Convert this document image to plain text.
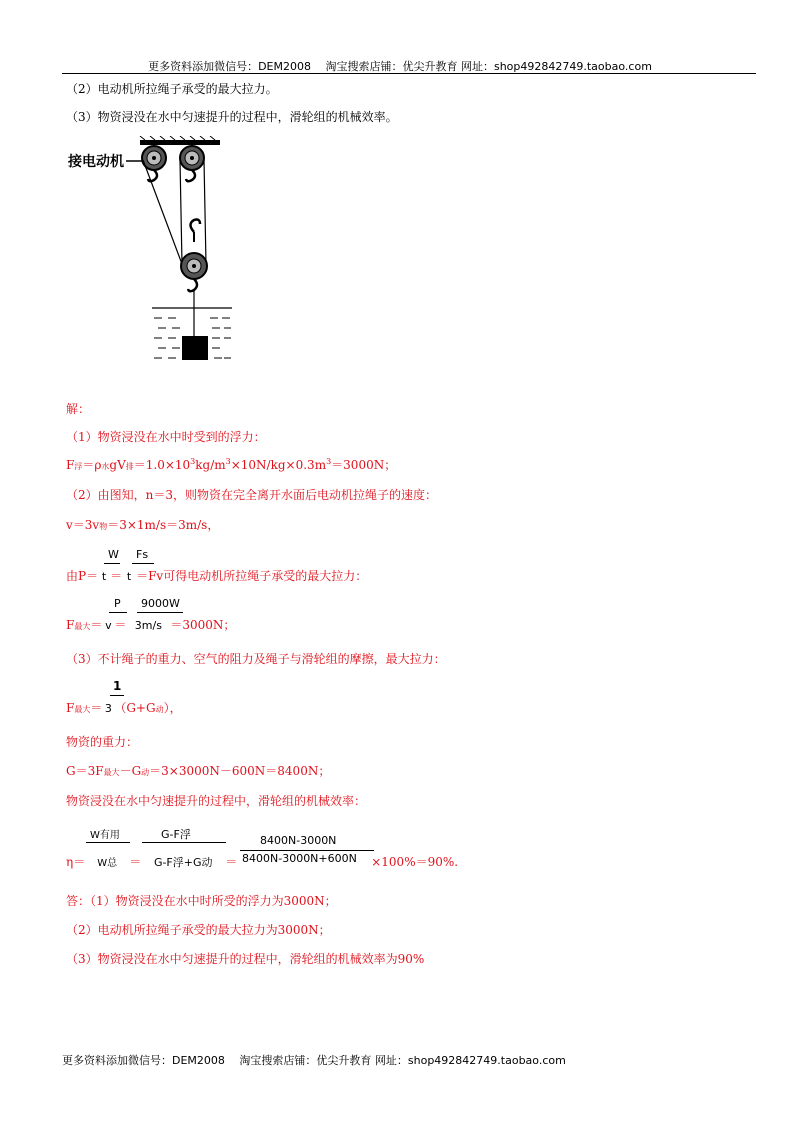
更多资料添加微信号：DEM2008　 淘宝搜索店铺：优尖升教育 网址：shop492842749.taobao.com
（2）电动机所拉绳子承受的最大拉力。
（3）物资浸没在水中匀速提升的过程中，滑轮组的机械效率。
接电动机
解：
（1）物资浸没在水中时受到的浮力：
F浮＝ρ水gV排$=1.0\times 10^3kg/m^3\times 10N/kg\times 0.3m^3=3000N$；
（2）由图知，n＝3，则物资在完全离开水面后电动机拉绳子的速度：
v＝3v物＝3×1m/s＝3m/s，
W Fs
由P＝ t ＝ t ＝Fv可得电动机所拉绳子承受的最大拉力：
P 9000W
F最大＝ v ＝ 3m/s ＝3000N；
（3）不计绳子的重力、空气的阻力及绳子与滑轮组的摩擦，最大拉力：
1
F最大＝ 3 （G+G动），
物资的重力：
G＝3F最大－G动＝3×3000N－600N＝8400N；
物资浸没在水中匀速提升的过程中，滑轮组的机械效率：
W有用	G-F浮	8400N-3000N
8400N-3000N+600N
η＝ W总 ＝ G-F浮+G动 ＝	×100%＝90%.
答：（1）物资浸没在水中时所受的浮力为3000N；
（2）电动机所拉绳子承受的最大拉力为3000N；
（3）物资浸没在水中匀速提升的过程中，滑轮组的机械效率为90%
更多资料添加微信号：DEM2008　 淘宝搜索店铺：优尖升教育 网址：shop492842749.taobao.com
